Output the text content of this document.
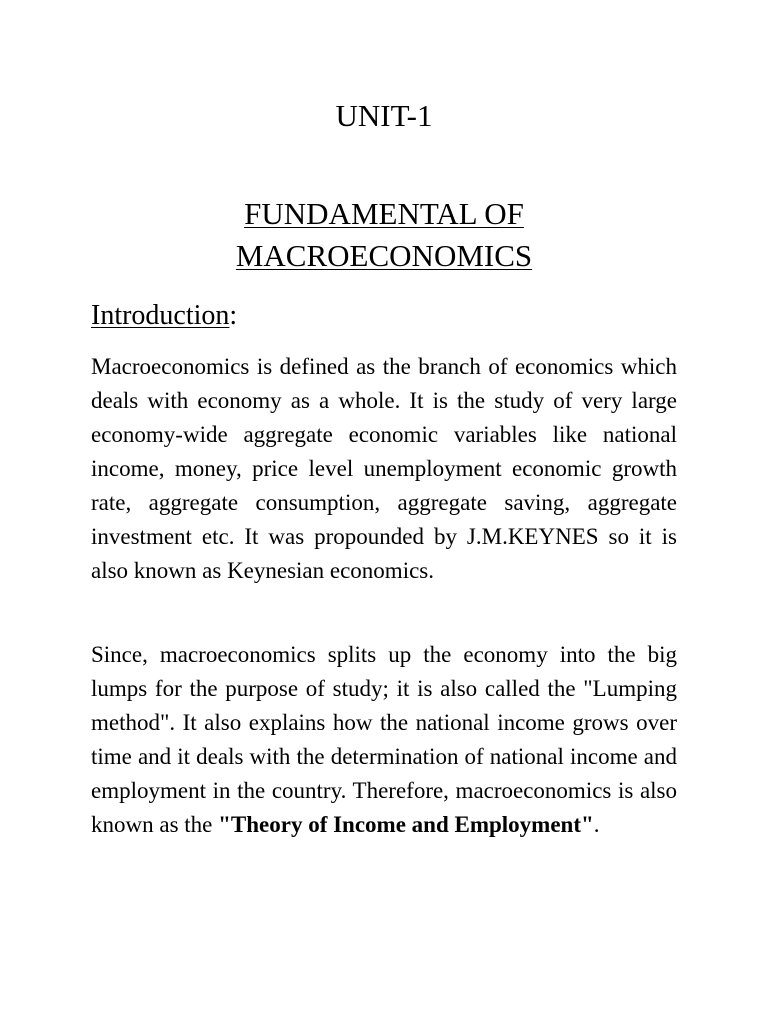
UNIT-1
FUNDAMENTAL OF
MACROECONOMICS
Introduction:
Macroeconomics is defined as the branch of economics which deals with economy as a whole. It is the study of very large economy-wide aggregate economic variables like national income, money, price level unemployment economic growth rate, aggregate consumption, aggregate saving, aggregate investment etc. It was propounded by J.M.KEYNES so it is also known as Keynesian economics.
Since, macroeconomics splits up the economy into the big lumps for the purpose of study; it is also called the "Lumping method". It also explains how the national income grows over time and it deals with the determination of national income and employment in the country. Therefore, macroeconomics is also known as the "Theory of Income and Employment".
